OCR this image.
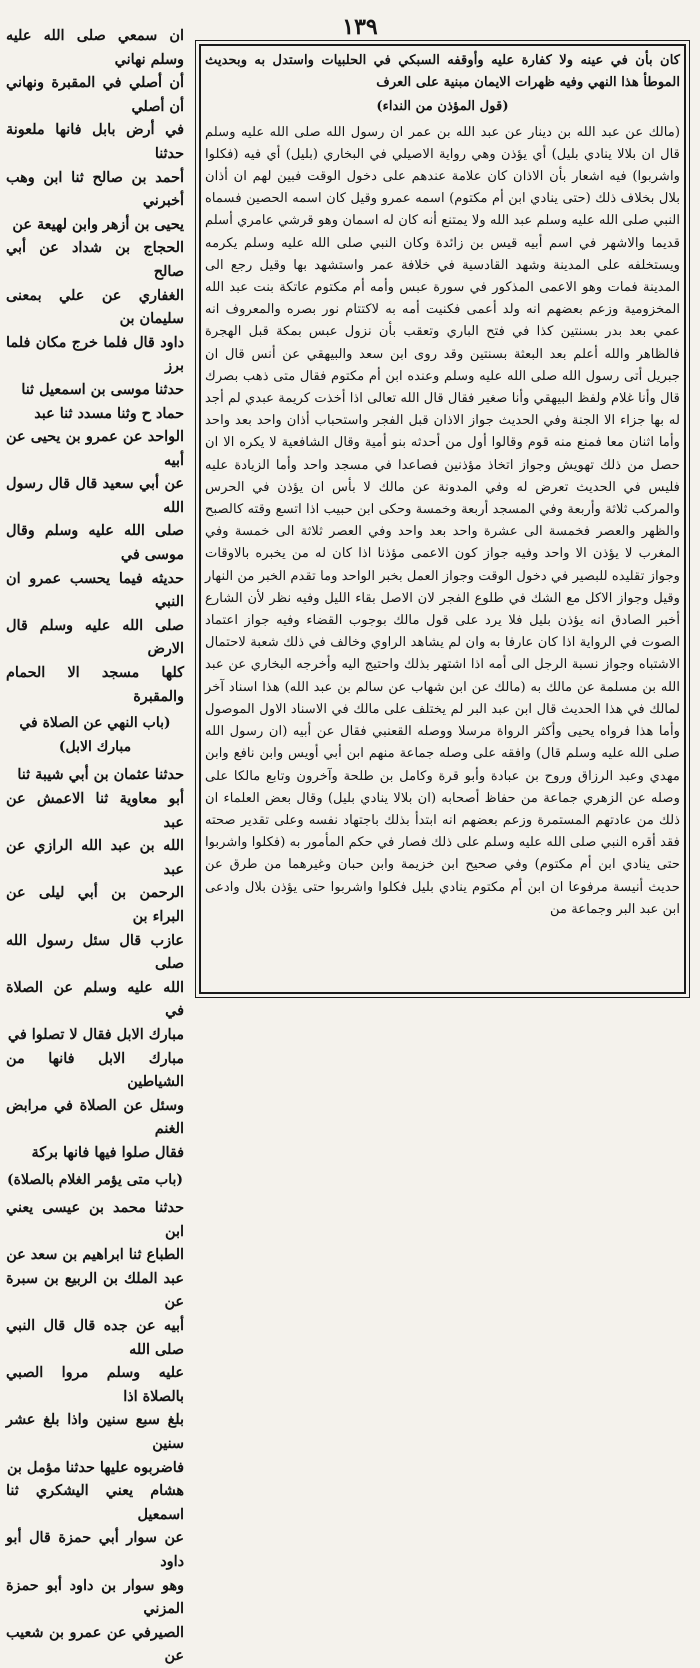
١٣٩

ان سمعي صلى الله عليه وسلم نهاني

أن أصلي في المقبرة ونهاني أن أصلي

في أرض بابل فانها ملعونة حدثنا

أحمد بن صالح ثنا ابن وهب أخبرني

يحيى بن أزهر وابن لهيعة عن

الحجاج بن شداد عن أبي صالح

الغفاري عن علي بمعنى سليمان بن

داود قال فلما خرج مكان فلما برز

حدثنا موسى بن اسمعيل ثنا

حماد ح وثنا مسدد ثنا عبد

الواحد عن عمرو بن يحيى عن أبيه

عن أبي سعيد قال قال رسول الله

صلى الله عليه وسلم وقال موسى في

حديثه فيما يحسب عمرو ان النبي

صلى الله عليه وسلم قال الارض

كلها مسجد الا الحمام والمقبرة

(باب النهي عن الصلاة في مبارك الابل)

حدثنا عثمان بن أبي شيبة ثنا

أبو معاوية ثنا الاعمش عن عبد

الله بن عبد الله الرازي عن عبد

الرحمن بن أبي ليلى عن البراء بن

عازب قال سئل رسول الله صلى

الله عليه وسلم عن الصلاة في

مبارك الابل فقال لا تصلوا في

مبارك الابل فانها من الشياطين

وسئل عن الصلاة في مرابض الغنم

فقال صلوا فيها فانها بركة

(باب متى يؤمر الغلام بالصلاة)

حدثنا محمد بن عيسى يعني ابن

الطباع ثنا ابراهيم بن سعد عن

عبد الملك بن الربيع بن سبرة عن

أبيه عن جده قال قال النبي صلى الله

عليه وسلم مروا الصبي بالصلاة اذا

بلغ سبع سنين واذا بلغ عشر سنين

فاضربوه عليها حدثنا مؤمل بن

هشام يعني اليشكري ثنا اسمعيل

عن سوار أبي حمزة قال أبو داود

وهو سوار بن داود أبو حمزة المزني

الصيرفي عن عمرو بن شعيب عن

كان بأن في عينه ولا كفارة عليه وأوقفه السبكي في الحلبيات واستدل به وبحديث الموطأ هذا النهي وفيه ظهرات الايمان مبنية على العرف

(قول المؤذن من النداء)

(مالك عن عبد الله بن دينار عن عبد الله بن عمر ان رسول الله صلى الله عليه وسلم قال ان بلالا ينادي بليل) أي يؤذن وهي رواية الاصيلي في البخاري (بليل) أي فيه (فكلوا واشربوا) فيه اشعار بأن الاذان كان علامة عندهم على دخول الوقت فبين لهم ان أذان بلال بخلاف ذلك (حتى ينادي ابن أم مكتوم) اسمه عمرو وقيل كان اسمه الحصين فسماه النبي صلى الله عليه وسلم عبد الله ولا يمتنع أنه كان له اسمان وهو قرشي عامري أسلم قديما والاشهر في اسم أبيه قيس بن زائدة وكان النبي صلى الله عليه وسلم يكرمه ويستخلفه على المدينة وشهد القادسية في خلافة عمر واستشهد بها وقيل رجع الى المدينة فمات وهو الاعمى المذكور في سورة عبس وأمه أم مكتوم عاتكة بنت عبد الله المخزومية وزعم بعضهم انه ولد أعمى فكنيت أمه به لاكتتام نور بصره والمعروف انه عمي بعد بدر بسنتين كذا في فتح الباري وتعقب بأن نزول عبس بمكة قبل الهجرة فالظاهر والله أعلم بعد البعثة بسنتين وقد روى ابن سعد والبيهقي عن أنس قال ان جبريل أتى رسول الله صلى الله عليه وسلم وعنده ابن أم مكتوم فقال متى ذهب بصرك قال وأنا غلام ولفظ البيهقي وأنا صغير فقال قال الله تعالى اذا أخذت كريمة عبدي لم أجد له بها جزاء الا الجنة وفي الحديث جواز الاذان قبل الفجر واستحباب أذان واحد بعد واحد وأما اثنان معا فمنع منه قوم وقالوا أول من أحدثه بنو أمية وقال الشافعية لا يكره الا ان حصل من ذلك تهويش وجواز اتخاذ مؤذنين فصاعدا في مسجد واحد وأما الزيادة عليه فليس في الحديث تعرض له وفي المدونة عن مالك لا بأس ان يؤذن في الحرس والمركب ثلاثة وأربعة وفي المسجد أربعة وخمسة وحكى ابن حبيب اذا اتسع وقته كالصبح والظهر والعصر فخمسة الى عشرة واحد بعد واحد وفي العصر ثلاثة الى خمسة وفي المغرب لا يؤذن الا واحد وفيه جواز كون الاعمى مؤذنا اذا كان له من يخبره بالاوقات وجواز تقليده للبصير في دخول الوقت وجواز العمل بخبر الواحد وما تقدم الخبر من النهار وقيل وجواز الاكل مع الشك في طلوع الفجر لان الاصل بقاء الليل وفيه نظر لأن الشارع أخبر الصادق انه يؤذن بليل فلا يرد على قول مالك بوجوب القضاء وفيه جواز اعتماد الصوت في الرواية اذا كان عارفا به وان لم يشاهد الراوي وخالف في ذلك شعبة لاحتمال الاشتباه وجواز نسبة الرجل الى أمه اذا اشتهر بذلك واحتيج اليه وأخرجه البخاري عن عبد الله بن مسلمة عن مالك به (مالك عن ابن شهاب عن سالم بن عبد الله) هذا اسناد آخر لمالك في هذا الحديث قال ابن عبد البر لم يختلف على مالك في الاسناد الاول الموصول وأما هذا فرواه يحيى وأكثر الرواة مرسلا ووصله القعنبي فقال عن أبيه (ان رسول الله صلى الله عليه وسلم قال) وافقه على وصله جماعة منهم ابن أبي أويس وابن نافع وابن مهدي وعبد الرزاق وروح بن عبادة وأبو قرة وكامل بن طلحة وآخرون وتابع مالكا على وصله عن الزهري جماعة من حفاظ أصحابه (ان بلالا ينادي بليل) وقال بعض العلماء ان ذلك من عادتهم المستمرة وزعم بعضهم انه ابتدأ بذلك باجتهاد نفسه وعلى تقدير صحته فقد أقره النبي صلى الله عليه وسلم على ذلك فصار في حكم المأمور به (فكلوا واشربوا حتى ينادي ابن أم مكتوم) وفي صحيح ابن خزيمة وابن حبان وغيرهما من طرق عن حديث أنيسة مرفوعا ان ابن أم مكتوم ينادي بليل فكلوا واشربوا حتى يؤذن بلال وادعى ابن عبد البر وجماعة من
